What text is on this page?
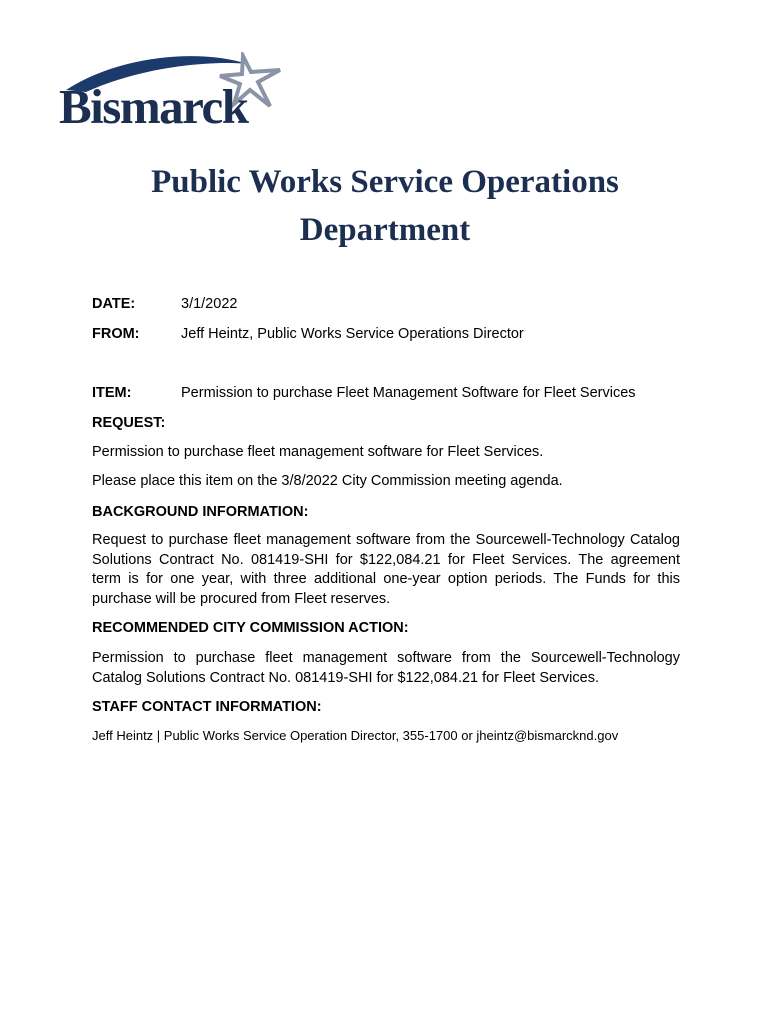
Bismarck
Public Works Service Operations
Department
DATE:	3/1/2022
FROM:	Jeff Heintz, Public Works Service Operations Director
ITEM:	Permission to purchase Fleet Management Software for Fleet Services
REQUEST:
Permission to purchase fleet management software for Fleet Services.
Please place this item on the 3/8/2022 City Commission meeting agenda.
BACKGROUND INFORMATION:
Request to purchase fleet management software from the Sourcewell-Technology Catalog Solutions Contract No. 081419-SHI for $122,084.21 for Fleet Services. The agreement term is for one year, with three additional one-year option periods. The Funds for this purchase will be procured from Fleet reserves.
RECOMMENDED CITY COMMISSION ACTION:
Permission to purchase fleet management software from the Sourcewell-Technology Catalog Solutions Contract No. 081419-SHI for $122,084.21 for Fleet Services.
STAFF CONTACT INFORMATION:
Jeff Heintz | Public Works Service Operation Director, 355-1700 or jheintz@bismarcknd.gov
